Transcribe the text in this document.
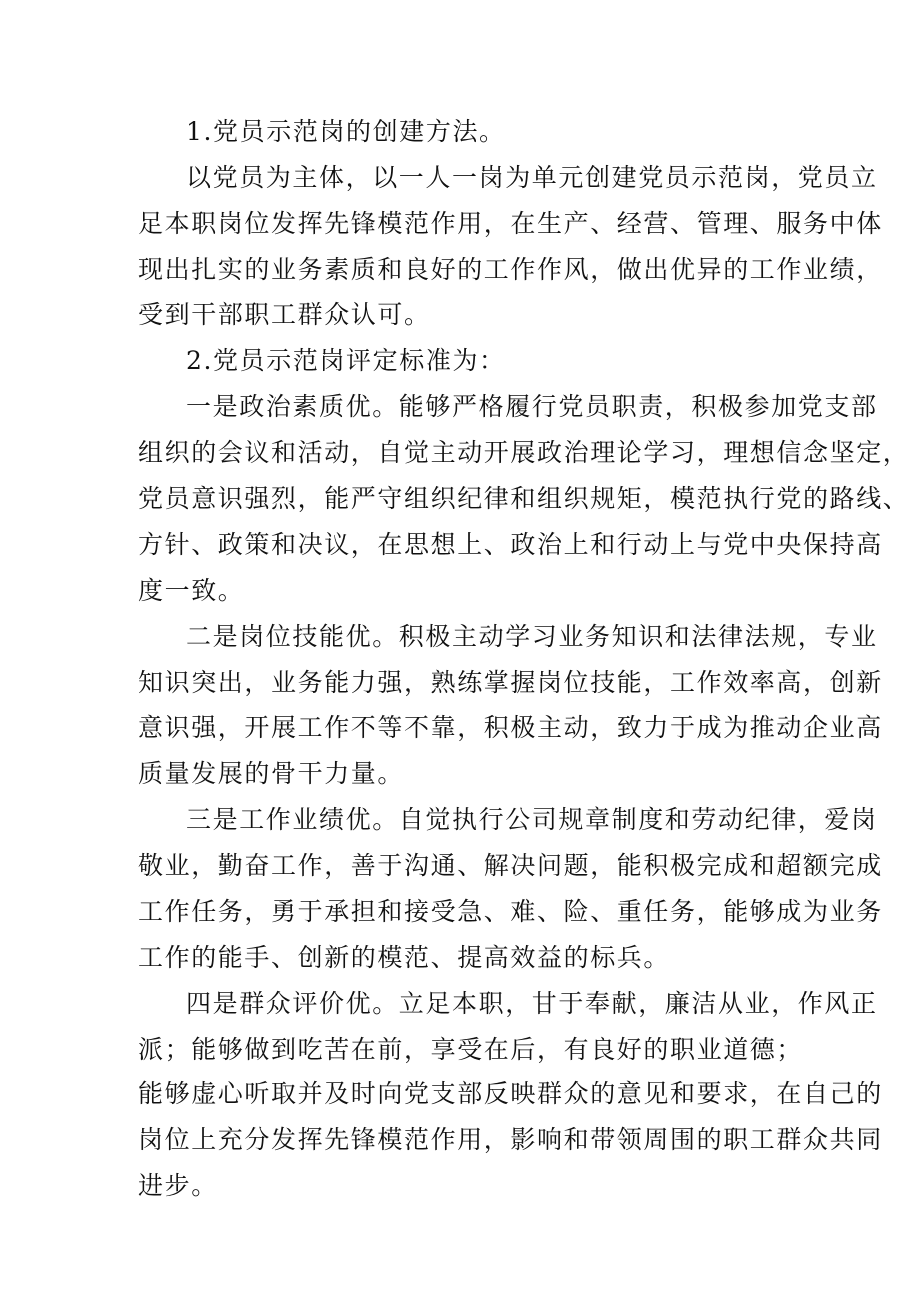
1.党员示范岗的创建方法。
以党员为主体，以一人一岗为单元创建党员示范岗，党员立
足本职岗位发挥先锋模范作用，在生产、经营、管理、服务中体
现出扎实的业务素质和良好的工作作风，做出优异的工作业绩，
受到干部职工群众认可。
2.党员示范岗评定标准为：
一是政治素质优。能够严格履行党员职责，积极参加党支部
组织的会议和活动，自觉主动开展政治理论学习，理想信念坚定，
党员意识强烈，能严守组织纪律和组织规矩，模范执行党的路线、
方针、政策和决议，在思想上、政治上和行动上与党中央保持高
度一致。
二是岗位技能优。积极主动学习业务知识和法律法规，专业
知识突出，业务能力强，熟练掌握岗位技能，工作效率高，创新
意识强，开展工作不等不靠，积极主动，致力于成为推动企业高
质量发展的骨干力量。
三是工作业绩优。自觉执行公司规章制度和劳动纪律，爱岗
敬业，勤奋工作，善于沟通、解决问题，能积极完成和超额完成
工作任务，勇于承担和接受急、难、险、重任务，能够成为业务
工作的能手、创新的模范、提高效益的标兵。
四是群众评价优。立足本职，甘于奉献，廉洁从业，作风正
派；能够做到吃苦在前，享受在后，有良好的职业道德；
能够虚心听取并及时向党支部反映群众的意见和要求，在自己的
岗位上充分发挥先锋模范作用，影响和带领周围的职工群众共同
进步。
